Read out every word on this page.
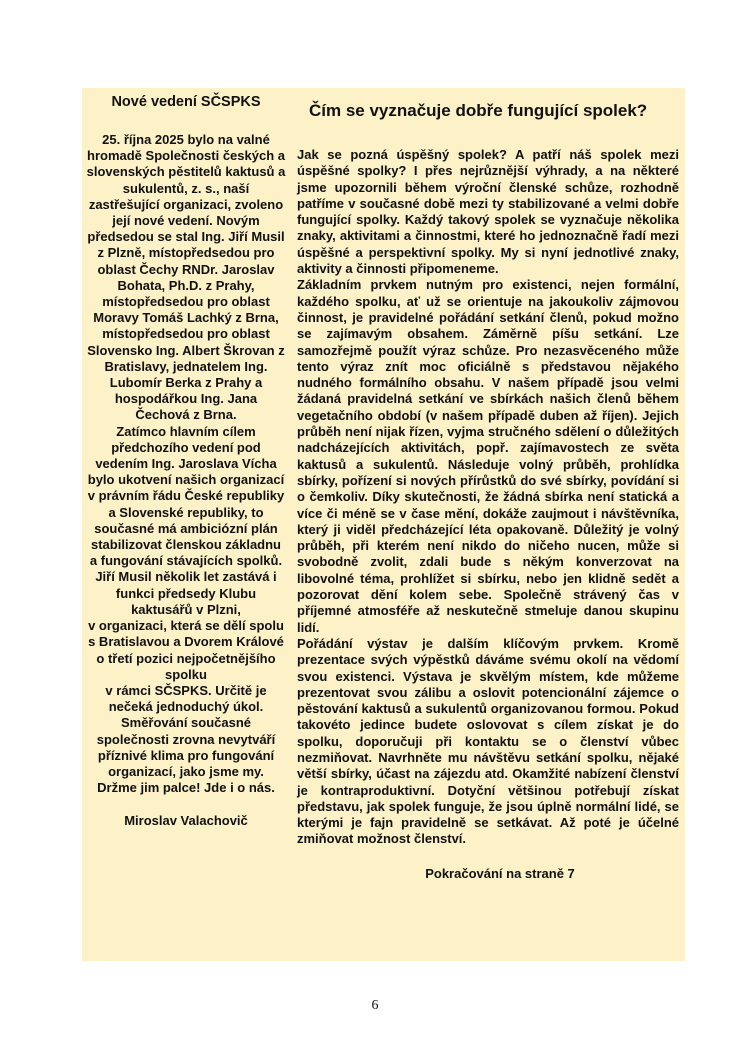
Nové vedení SČSPKS

25. října 2025 bylo na valné hromadě Společnosti českých a slovenských pěstitelů kaktusů a sukulentů, z. s., naší zastřešující organizaci, zvoleno její nové vedení. Novým předsedou se stal Ing. Jiří Musil z Plzně, místopředsedou pro oblast Čechy RNDr. Jaroslav Bohata, Ph.D. z Prahy, místopředsedou pro oblast Moravy Tomáš Lachký z Brna, místopředsedou pro oblast Slovensko Ing. Albert Škrovan z Bratislavy, jednatelem Ing. Lubomír Berka z Prahy a hospodářkou Ing. Jana Čechová z Brna.

Zatímco hlavním cílem předchozího vedení pod vedením Ing. Jaroslava Vícha bylo ukotvení našich organizací v právním řádu České republiky a Slovenské republiky, to současné má ambiciózní plán stabilizovat členskou základnu a fungování stávajících spolků.

Jiří Musil několik let zastává i funkci předsedy Klubu kaktusářů v Plzni,

v organizaci, která se dělí spolu s Bratislavou a Dvorem Králové o třetí pozici nejpočetnějšího spolku

v rámci SČSPKS. Určitě je nečeká jednoduchý úkol.

Směřování současné společnosti zrovna nevytváří příznivé klima pro fungování organizací, jako jsme my.

Držme jim palce! Jde i o nás.

Miroslav Valachovič

Čím se vyznačuje dobře fungující spolek?

Jak se pozná úspěšný spolek? A patří náš spolek mezi úspěšné spolky? I přes nejrůznější výhrady, a na některé jsme upozornili během výroční členské schůze, rozhodně patříme v současné době mezi ty stabilizované a velmi dobře fungující spolky. Každý takový spolek se vyznačuje několika znaky, aktivitami a činnostmi, které ho jednoznačně řadí mezi úspěšné a perspektivní spolky. My si nyní jednotlivé znaky, aktivity a činnosti připomeneme.

Základním prvkem nutným pro existenci, nejen formální, každého spolku, ať už se orientuje na jakoukoliv zájmovou činnost, je pravidelné pořádání setkání členů, pokud možno se zajímavým obsahem. Záměrně píšu setkání. Lze samozřejmě použít výraz schůze. Pro nezasvěceného může tento výraz znít moc oficiálně s představou nějakého nudného formálního obsahu. V našem případě jsou velmi žádaná pravidelná setkání ve sbírkách našich členů během vegetačního období (v našem případě duben až říjen). Jejich průběh není nijak řízen, vyjma stručného sdělení o důležitých nadcházejících aktivitách, popř. zajímavostech ze světa kaktusů a sukulentů. Následuje volný průběh, prohlídka sbírky, pořízení si nových přírůstků do své sbírky, povídání si o čemkoliv. Díky skutečnosti, že žádná sbírka není statická a více či méně se v čase mění, dokáže zaujmout i návštěvníka, který ji viděl předcházející léta opakovaně. Důležitý je volný průběh, při kterém není nikdo do ničeho nucen, může si svobodně zvolit, zdali bude s někým konverzovat na libovolné téma, prohlížet si sbírku, nebo jen klidně sedět a pozorovat dění kolem sebe. Společně strávený čas v příjemné atmosféře až neskutečně stmeluje danou skupinu lidí.

Pořádání výstav je dalším klíčovým prvkem. Kromě prezentace svých výpěstků dáváme svému okolí na vědomí svou existenci. Výstava je skvělým místem, kde můžeme prezentovat svou zálibu a oslovit potencionální zájemce o pěstování kaktusů a sukulentů organizovanou formou. Pokud takovéto jedince budete oslovovat s cílem získat je do spolku, doporučuji při kontaktu se o členství vůbec nezmiňovat. Navrhněte mu návštěvu setkání spolku, nějaké větší sbírky, účast na zájezdu atd. Okamžité nabízení členství je kontraproduktivní. Dotyční většinou potřebují získat představu, jak spolek funguje, že jsou úplně normální lidé, se kterými je fajn pravidelně se setkávat. Až poté je účelné zmiňovat možnost členství.

Pokračování na straně 7

6
